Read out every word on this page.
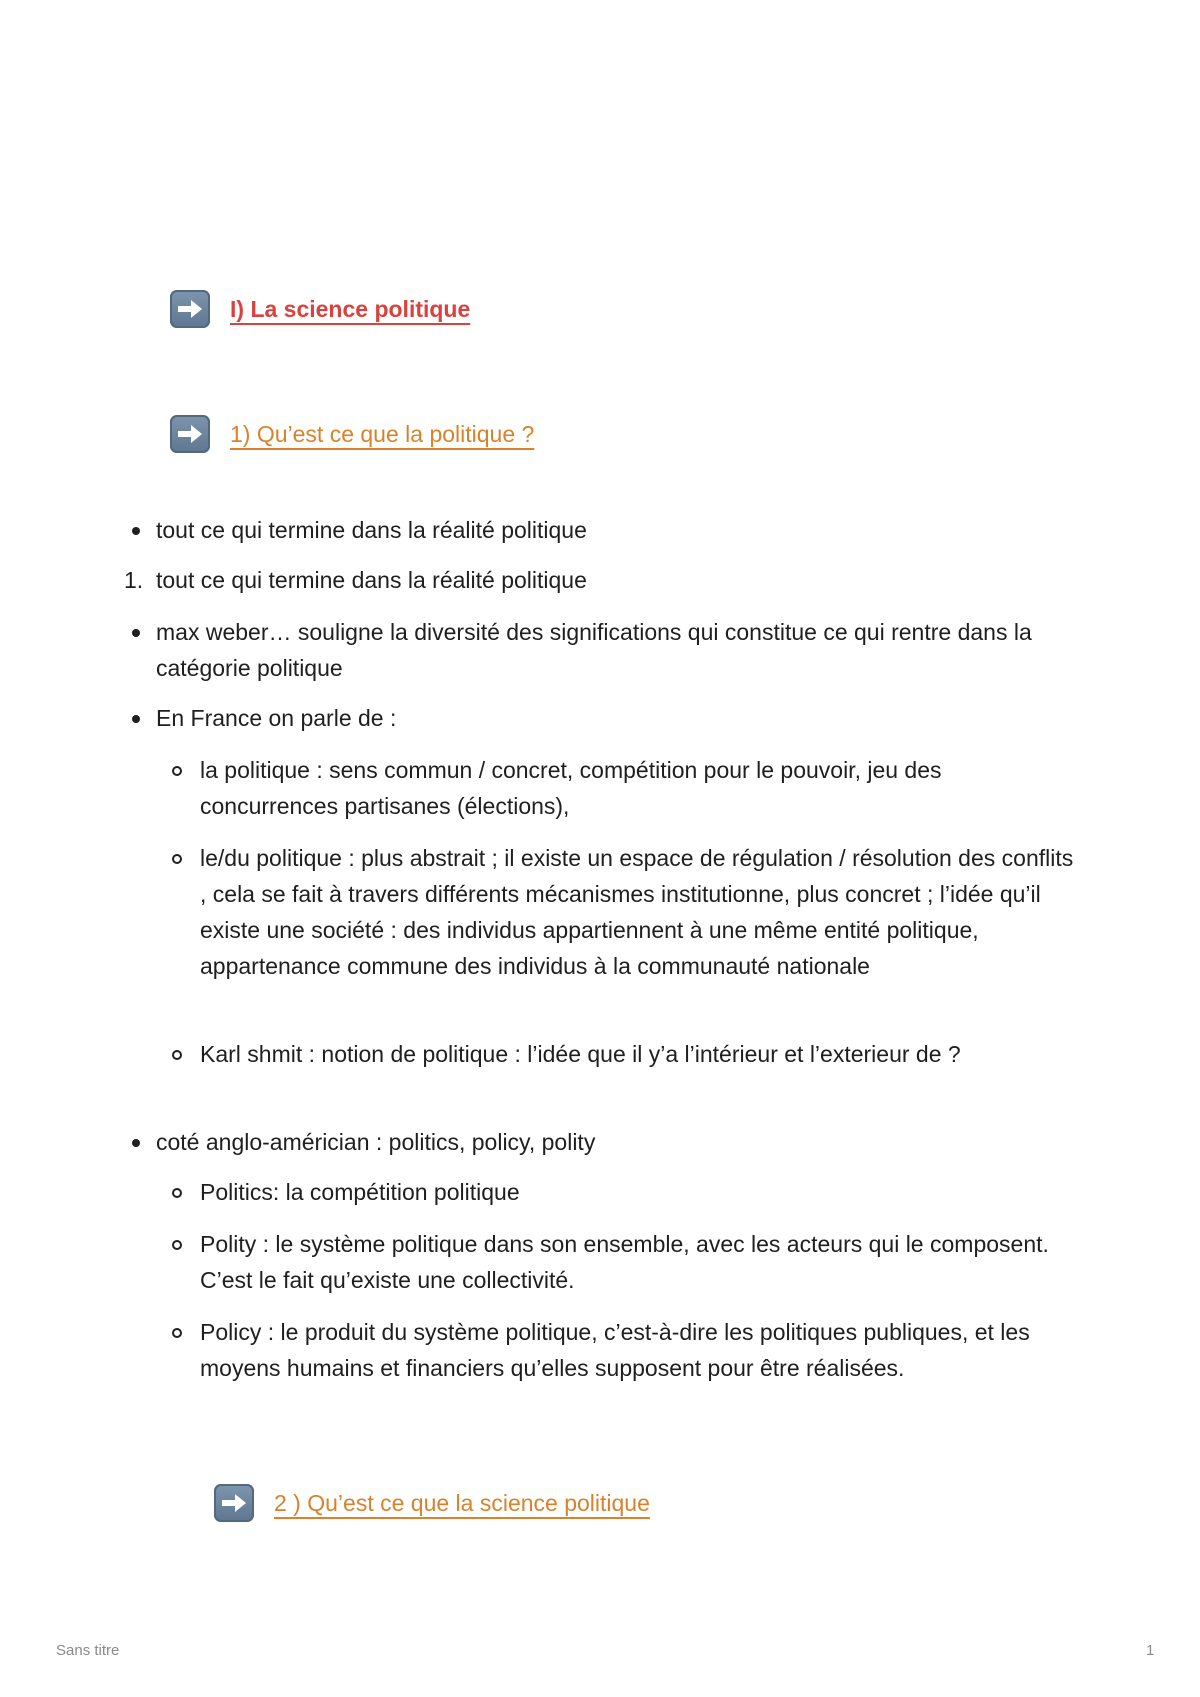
I) La science politique
1) Qu’est ce que la politique ?
tout ce qui termine dans la réalité politique
1. tout ce qui termine dans la réalité politique
max weber… souligne la diversité des significations qui constitue ce qui rentre dans la catégorie politique
En France on parle de :
la politique : sens commun / concret, compétition pour le pouvoir, jeu des concurrences partisanes (élections),
le/du politique : plus abstrait ; il existe un espace de régulation / résolution des conflits , cela se fait à travers différents mécanismes institutionne, plus concret ; l’idée qu’il existe une société : des individus appartiennent à une même entité politique, appartenance commune des individus à la communauté nationale
Karl shmit : notion de politique : l’idée que il y’a l’intérieur et l’exterieur de ?
coté anglo-américian : politics, policy, polity
Politics: la compétition politique
Polity : le système politique dans son ensemble, avec les acteurs qui le composent. C’est le fait qu’existe une collectivité.
Policy : le produit du système politique, c’est-à-dire les politiques publiques, et les moyens humains et financiers qu’elles supposent pour être réalisées.
2 ) Qu’est ce que la science politique
Sans titre	1
